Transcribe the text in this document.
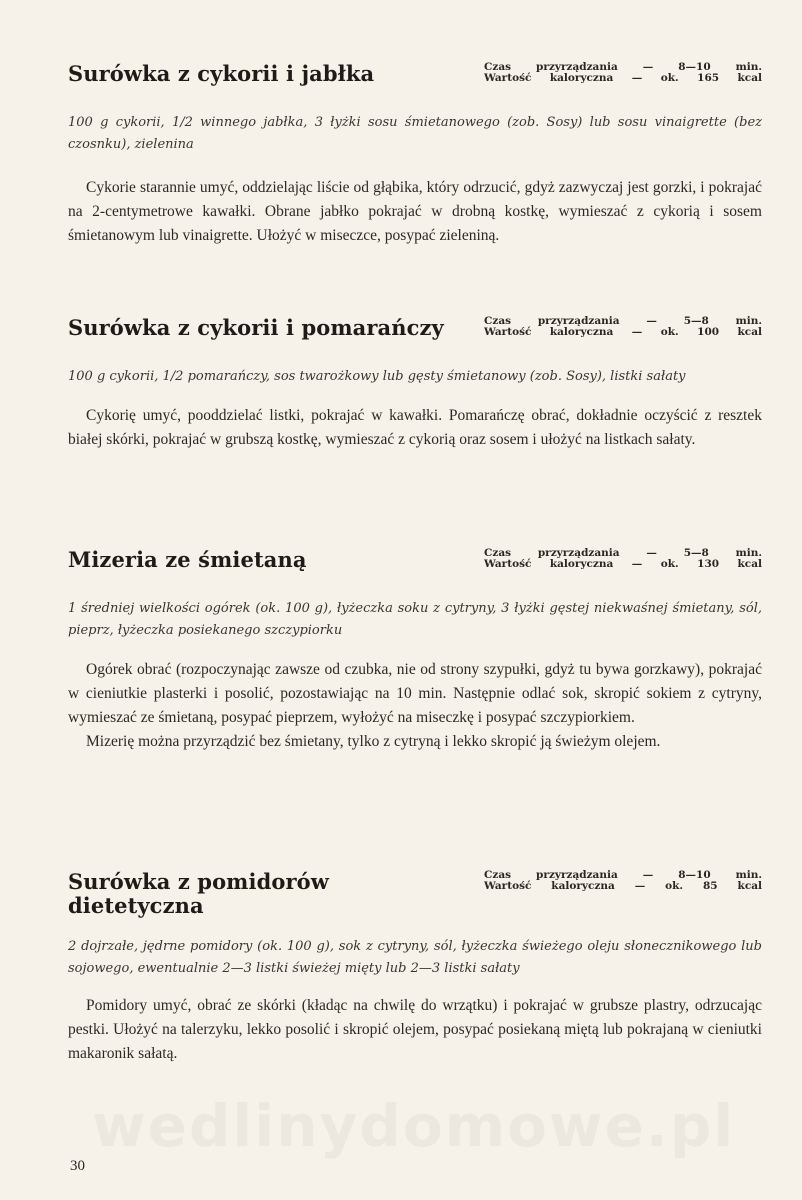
Surówka z cykorii i jabłka	Czas przyrządzania — 8—10 min.
Wartość kaloryczna — ok. 165 kcal

100 g cykorii, 1/2 winnego jabłka, 3 łyżki sosu śmietanowego (zob. Sosy) lub sosu vinaigrette (bez czosnku), zielenina

Cykorie starannie umyć, oddzielając liście od głąbika, który odrzucić, gdyż zazwyczaj jest gorzki, i pokrajać na 2-centymetrowe kawałki. Obrane jabłko pokrajać w drobną kostkę, wymieszać z cykorią i sosem śmietanowym lub vinaigrette. Ułożyć w miseczce, posypać zieleniną.

Surówka z cykorii i pomarańczy	Czas przyrządzania — 5—8 min.
Wartość kaloryczna — ok. 100 kcal

100 g cykorii, 1/2 pomarańczy, sos twarożkowy lub gęsty śmietanowy (zob. Sosy), listki sałaty

Cykorię umyć, pooddzielać listki, pokrajać w kawałki. Pomarańczę obrać, dokładnie oczyścić z resztek białej skórki, pokrajać w grubszą kostkę, wymieszać z cykorią oraz sosem i ułożyć na listkach sałaty.

Mizeria ze śmietaną	Czas przyrządzania — 5—8 min.
Wartość kaloryczna — ok. 130 kcal

1 średniej wielkości ogórek (ok. 100 g), łyżeczka soku z cytryny, 3 łyżki gęstej niekwaśnej śmietany, sól, pieprz, łyżeczka posiekanego szczypiorku

Ogórek obrać (rozpoczynając zawsze od czubka, nie od strony szypułki, gdyż tu bywa gorzkawy), pokrajać w cieniutkie plasterki i posolić, pozostawiając na 10 min. Następnie odlać sok, skropić sokiem z cytryny, wymieszać ze śmietaną, posypać pieprzem, wyłożyć na miseczkę i posypać szczypiorkiem.

Mizerię można przyrządzić bez śmietany, tylko z cytryną i lekko skropić ją świeżym olejem.

Surówka z pomidorów dietetyczna
Czas przyrządzania — 8—10 min.
Wartość kaloryczna — ok. 85 kcal

2 dojrzałe, jędrne pomidory (ok. 100 g), sok z cytryny, sól, łyżeczka świeżego oleju słonecznikowego lub sojowego, ewentualnie 2—3 listki świeżej mięty lub 2—3 listki sałaty

Pomidory umyć, obrać ze skórki (kładąc na chwilę do wrzątku) i pokrajać w grubsze plastry, odrzucając pestki. Ułożyć na talerzyku, lekko posolić i skropić olejem, posypać posiekaną miętą lub pokrajaną w cieniutki makaronik sałatą.

wedlinydomowe.pl
30
